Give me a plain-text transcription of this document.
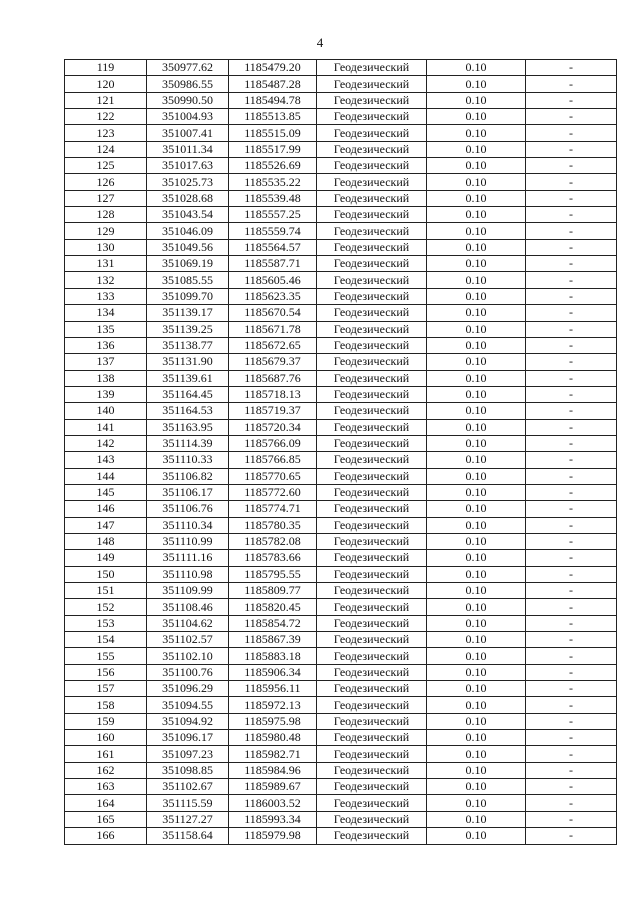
4
119	350977.62	1185479.20	Геодезический	0.10	-
120	350986.55	1185487.28	Геодезический	0.10	-
121	350990.50	1185494.78	Геодезический	0.10	-
122	351004.93	1185513.85	Геодезический	0.10	-
123	351007.41	1185515.09	Геодезический	0.10	-
124	351011.34	1185517.99	Геодезический	0.10	-
125	351017.63	1185526.69	Геодезический	0.10	-
126	351025.73	1185535.22	Геодезический	0.10	-
127	351028.68	1185539.48	Геодезический	0.10	-
128	351043.54	1185557.25	Геодезический	0.10	-
129	351046.09	1185559.74	Геодезический	0.10	-
130	351049.56	1185564.57	Геодезический	0.10	-
131	351069.19	1185587.71	Геодезический	0.10	-
132	351085.55	1185605.46	Геодезический	0.10	-
133	351099.70	1185623.35	Геодезический	0.10	-
134	351139.17	1185670.54	Геодезический	0.10	-
135	351139.25	1185671.78	Геодезический	0.10	-
136	351138.77	1185672.65	Геодезический	0.10	-
137	351131.90	1185679.37	Геодезический	0.10	-
138	351139.61	1185687.76	Геодезический	0.10	-
139	351164.45	1185718.13	Геодезический	0.10	-
140	351164.53	1185719.37	Геодезический	0.10	-
141	351163.95	1185720.34	Геодезический	0.10	-
142	351114.39	1185766.09	Геодезический	0.10	-
143	351110.33	1185766.85	Геодезический	0.10	-
144	351106.82	1185770.65	Геодезический	0.10	-
145	351106.17	1185772.60	Геодезический	0.10	-
146	351106.76	1185774.71	Геодезический	0.10	-
147	351110.34	1185780.35	Геодезический	0.10	-
148	351110.99	1185782.08	Геодезический	0.10	-
149	351111.16	1185783.66	Геодезический	0.10	-
150	351110.98	1185795.55	Геодезический	0.10	-
151	351109.99	1185809.77	Геодезический	0.10	-
152	351108.46	1185820.45	Геодезический	0.10	-
153	351104.62	1185854.72	Геодезический	0.10	-
154	351102.57	1185867.39	Геодезический	0.10	-
155	351102.10	1185883.18	Геодезический	0.10	-
156	351100.76	1185906.34	Геодезический	0.10	-
157	351096.29	1185956.11	Геодезический	0.10	-
158	351094.55	1185972.13	Геодезический	0.10	-
159	351094.92	1185975.98	Геодезический	0.10	-
160	351096.17	1185980.48	Геодезический	0.10	-
161	351097.23	1185982.71	Геодезический	0.10	-
162	351098.85	1185984.96	Геодезический	0.10	-
163	351102.67	1185989.67	Геодезический	0.10	-
164	351115.59	1186003.52	Геодезический	0.10	-
165	351127.27	1185993.34	Геодезический	0.10	-
166	351158.64	1185979.98	Геодезический	0.10	-
